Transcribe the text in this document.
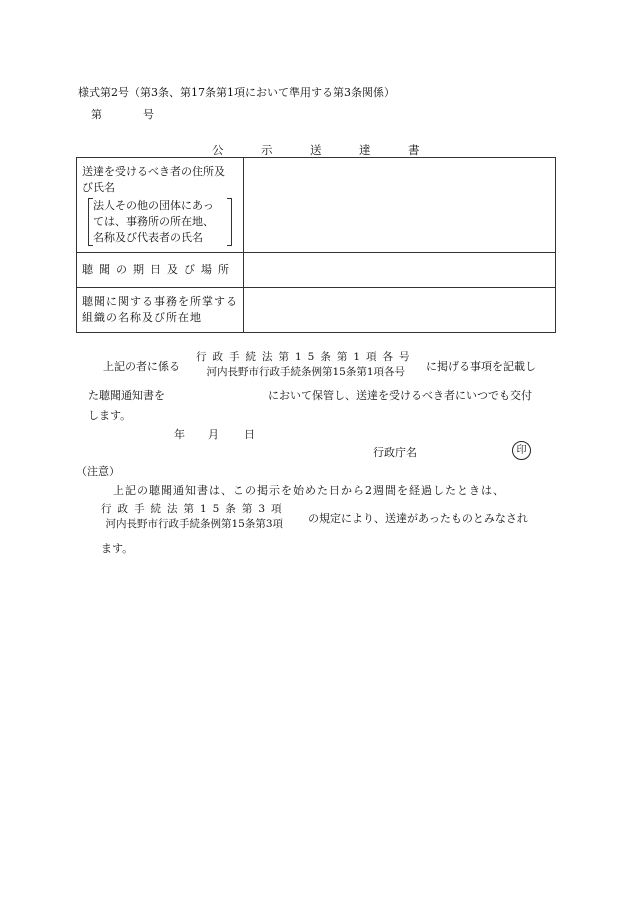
様式第2号（第3条、第17条第1項において準用する第3条関係）
第	号
公	示	送	達	書
送達を受けるべき者の住所及び氏名
法人その他の団体にあっ
ては、事務所の所在地、
名称及び代表者の氏名	

聴聞の期日及び場所	
聴聞に関する事務を所掌する組織の名称及び所在地	
上記の者に係る
行政手続法第15条第1項各号
河内長野市行政手続条例第15条第1項各号	に掲げる事項を記載し
た聴聞通知書を	において保管し、送達を受けるべき者にいつでも交付
します。
年 月 日
行政庁名	印
（注意）
上記の聴聞通知書は、この掲示を始めた日から2週間を経過したときは、
行政手続法第15条第3項
河内長野市行政手続条例第15条第3項	の規定により、送達があったものとみなされ
ます。
